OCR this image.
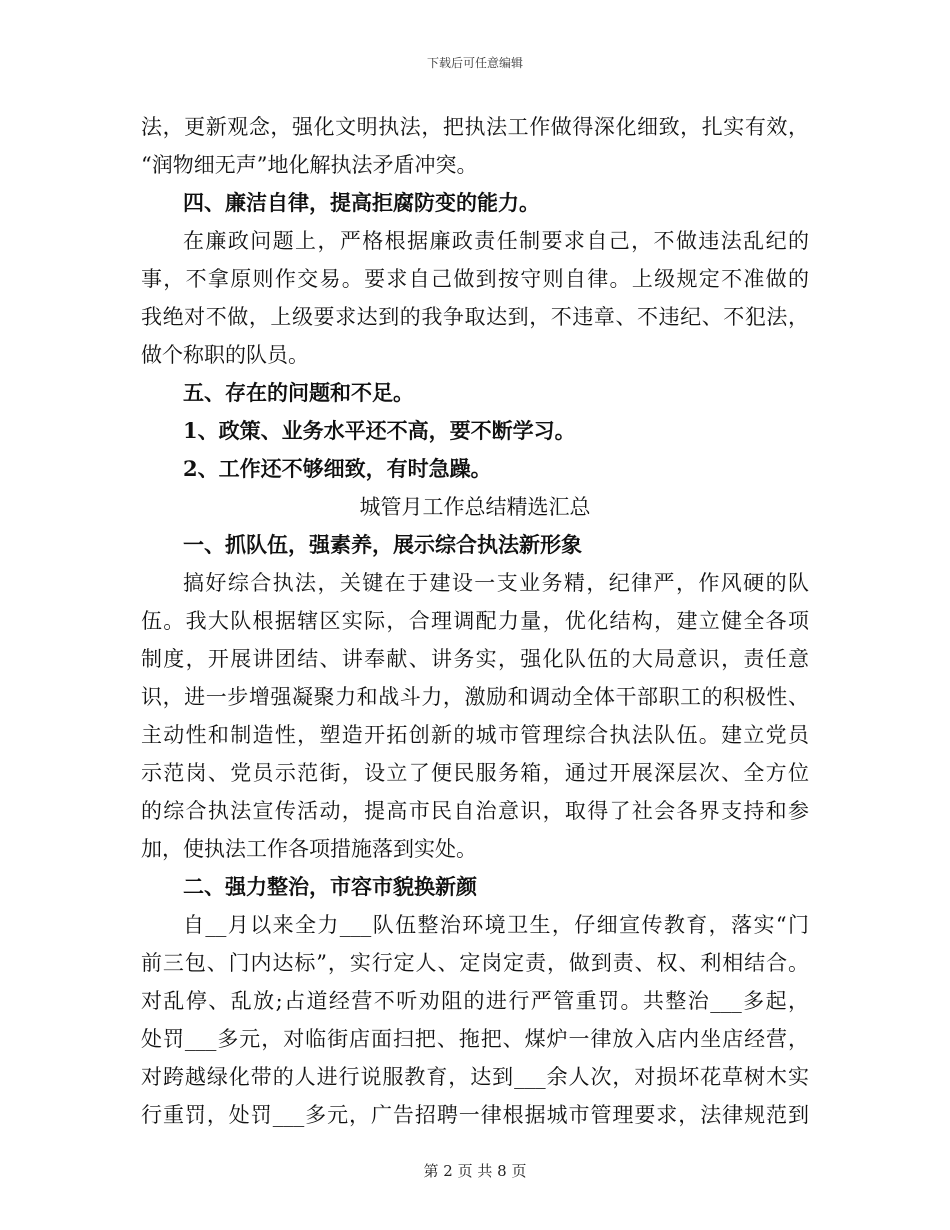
下载后可任意编辑
法，更新观念，强化文明执法，把执法工作做得深化细致，扎实有效，
“润物细无声”地化解执法矛盾冲突。
四、廉洁自律，提高拒腐防变的能力。
在廉政问题上，严格根据廉政责任制要求自己，不做违法乱纪的
事，不拿原则作交易。要求自己做到按守则自律。上级规定不准做的
我绝对不做，上级要求达到的我争取达到，不违章、不违纪、不犯法，
做个称职的队员。
五、存在的问题和不足。
1、政策、业务水平还不高，要不断学习。
2、工作还不够细致，有时急躁。
城管月工作总结精选汇总
一、抓队伍，强素养，展示综合执法新形象
搞好综合执法，关键在于建设一支业务精，纪律严，作风硬的队
伍。我大队根据辖区实际，合理调配力量，优化结构，建立健全各项
制度，开展讲团结、讲奉献、讲务实，强化队伍的大局意识，责任意
识，进一步增强凝聚力和战斗力，激励和调动全体干部职工的积极性、
主动性和制造性，塑造开拓创新的城市管理综合执法队伍。建立党员
示范岗、党员示范街，设立了便民服务箱，通过开展深层次、全方位
的综合执法宣传活动，提高市民自治意识，取得了社会各界支持和参
加，使执法工作各项措施落到实处。
二、强力整治，市容市貌换新颜
自__月以来全力___队伍整治环境卫生，仔细宣传教育，落实“门
前三包、门内达标”，实行定人、定岗定责，做到责、权、利相结合。
对乱停、乱放;占道经营不听劝阻的进行严管重罚。共整治___多起，
处罚___多元，对临街店面扫把、拖把、煤炉一律放入店内坐店经营，
对跨越绿化带的人进行说服教育，达到___余人次，对损坏花草树木实
行重罚，处罚___多元，广告招聘一律根据城市管理要求，法律规范到
第 2 页 共 8 页
